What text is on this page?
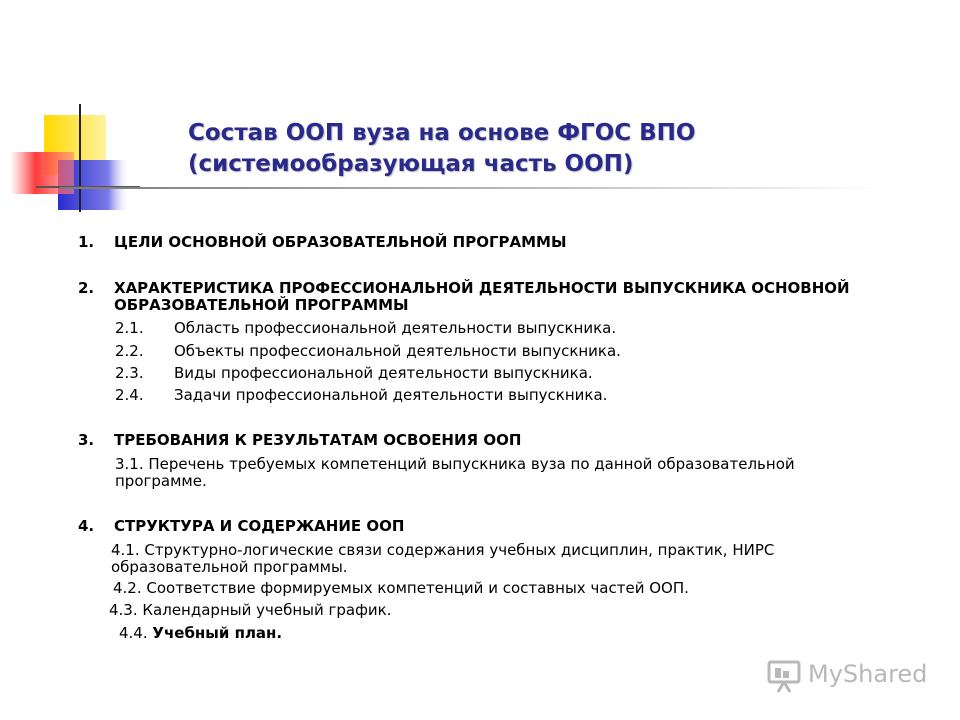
Состав ООП вуза на основе ФГОС ВПО
(системообразующая часть ООП)
1. ЦЕЛИ ОСНОВНОЙ ОБРАЗОВАТЕЛЬНОЙ ПРОГРАММЫ
2. ХАРАКТЕРИСТИКА ПРОФЕССИОНАЛЬНОЙ ДЕЯТЕЛЬНОСТИ ВЫПУСКНИКА ОСНОВНОЙ ОБРАЗОВАТЕЛЬНОЙ ПРОГРАММЫ
2.1. Область профессиональной деятельности выпускника.
2.2. Объекты профессиональной деятельности выпускника.
2.3. Виды профессиональной деятельности выпускника.
2.4. Задачи профессиональной деятельности выпускника.
3. ТРЕБОВАНИЯ К РЕЗУЛЬТАТАМ ОСВОЕНИЯ ООП
3.1. Перечень требуемых компетенций выпускника вуза по данной образовательной программе.
4. СТРУКТУРА И СОДЕРЖАНИЕ ООП
4.1. Структурно-логические связи содержания учебных дисциплин, практик, НИРС образовательной программы.
4.2. Соответствие формируемых компетенций и составных частей ООП.
4.3. Календарный учебный график.
4.4. Учебный план.
MyShared
